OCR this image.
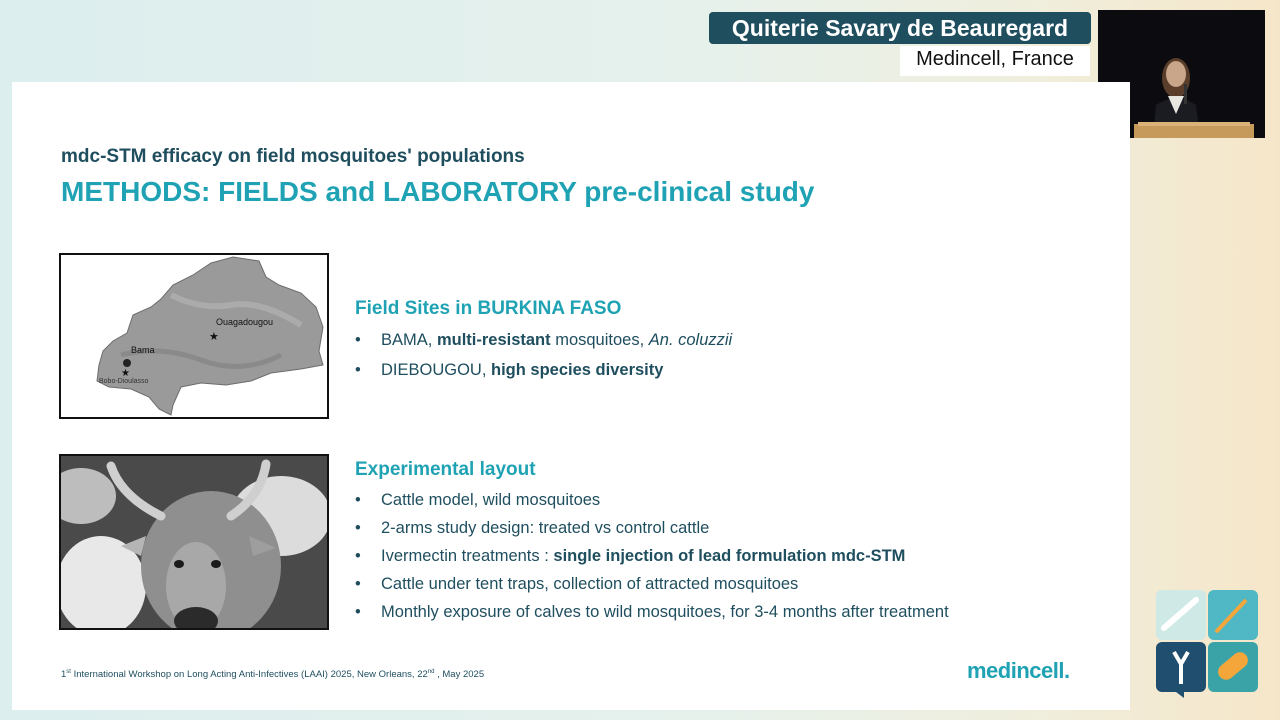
Quiterie Savary de Beauregard
Medincell, France
mdc-STM efficacy on field mosquitoes' populations
METHODS: FIELDS and LABORATORY pre-clinical study
Ouagadougou
★
Bama
★
Bobo-Dioulasso
Field Sites in BURKINA FASO
• BAMA, multi-resistant mosquitoes, An. coluzzii
• DIEBOUGOU, high species diversity
Experimental layout
• Cattle model, wild mosquitoes
• 2-arms study design: treated vs control cattle
• Ivermectin treatments : single injection of lead formulation mdc-STM
• Cattle under tent traps, collection of attracted mosquitoes
• Monthly exposure of calves to wild mosquitoes, for 3-4 months after treatment
1st International Workshop on Long Acting Anti-Infectives (LAAI) 2025, New Orleans, 22nd , May 2025	medincell.
